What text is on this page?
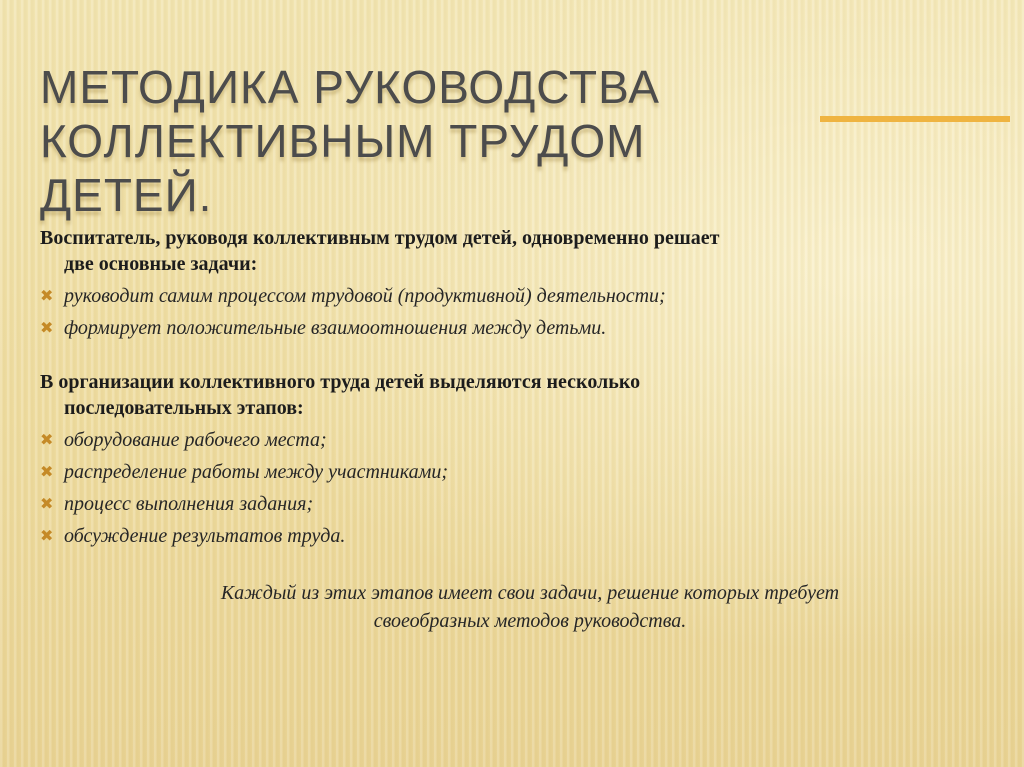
МЕТОДИКА РУКОВОДСТВА
КОЛЛЕКТИВНЫМ ТРУДОМ ДЕТЕЙ.

Воспитатель, руководя коллективным трудом детей, одновременно решает
две основные задачи:

✖ руководит самим процессом трудовой (продуктивной) деятельности;
✖ формирует положительные взаимоотношения между детьми.

В организации коллективного труда детей выделяются несколько
последовательных этапов:

✖ оборудование рабочего места;
✖ распределение работы между участниками;
✖ процесс выполнения задания;
✖ обсуждение результатов труда.
Каждый из этих этапов имеет свои задачи, решение которых требует
своеобразных методов руководства.
